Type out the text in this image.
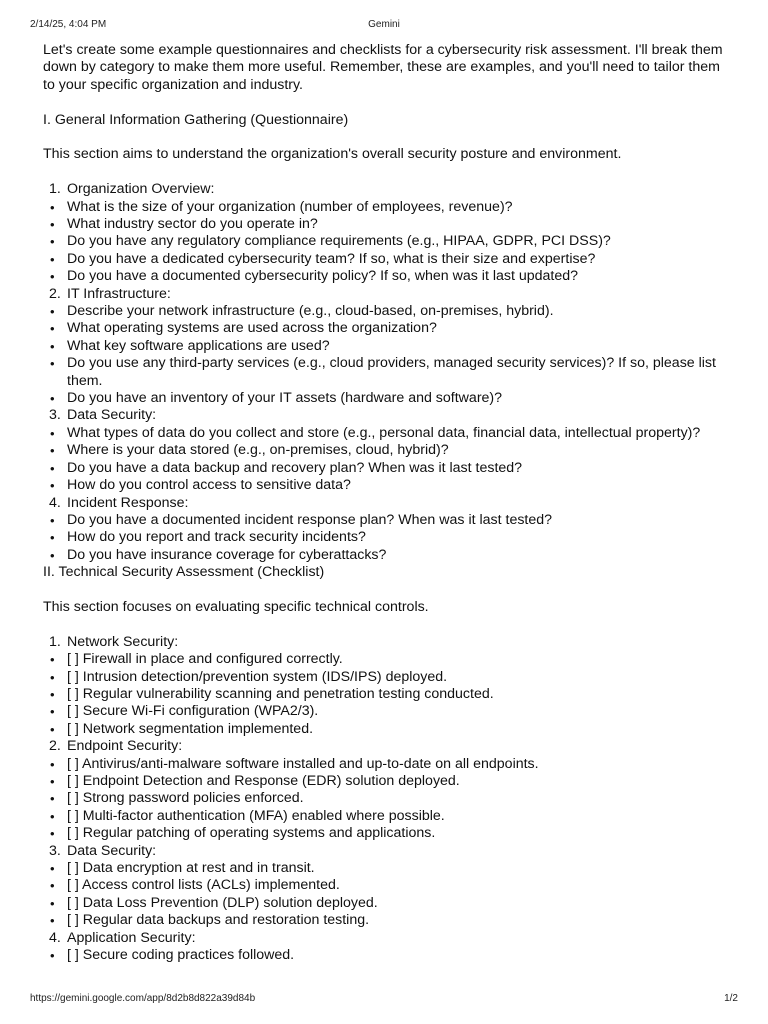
2/14/25, 4:04 PM	Gemini

Let's create some example questionnaires and checklists for a cybersecurity risk assessment. I'll break them down by category to make them more useful. Remember, these are examples, and you'll need to tailor them to your specific organization and industry.

I. General Information Gathering (Questionnaire)

This section aims to understand the organization's overall security posture and environment.

1. Organization Overview:
• What is the size of your organization (number of employees, revenue)?
• What industry sector do you operate in?
• Do you have any regulatory compliance requirements (e.g., HIPAA, GDPR, PCI DSS)?
• Do you have a dedicated cybersecurity team? If so, what is their size and expertise?
• Do you have a documented cybersecurity policy? If so, when was it last updated?
2. IT Infrastructure:
• Describe your network infrastructure (e.g., cloud-based, on-premises, hybrid).
• What operating systems are used across the organization?
• What key software applications are used?
• Do you use any third-party services (e.g., cloud providers, managed security services)? If so, please list them.
• Do you have an inventory of your IT assets (hardware and software)?
3. Data Security:
• What types of data do you collect and store (e.g., personal data, financial data, intellectual property)?
• Where is your data stored (e.g., on-premises, cloud, hybrid)?
• Do you have a data backup and recovery plan? When was it last tested?
• How do you control access to sensitive data?
4. Incident Response:
• Do you have a documented incident response plan? When was it last tested?
• How do you report and track security incidents?
• Do you have insurance coverage for cyberattacks?

II. Technical Security Assessment (Checklist)

This section focuses on evaluating specific technical controls.

1. Network Security:
• [ ] Firewall in place and configured correctly.
• [ ] Intrusion detection/prevention system (IDS/IPS) deployed.
• [ ] Regular vulnerability scanning and penetration testing conducted.
• [ ] Secure Wi-Fi configuration (WPA2/3).
• [ ] Network segmentation implemented.
2. Endpoint Security:
• [ ] Antivirus/anti-malware software installed and up-to-date on all endpoints.
• [ ] Endpoint Detection and Response (EDR) solution deployed.
• [ ] Strong password policies enforced.
• [ ] Multi-factor authentication (MFA) enabled where possible.
• [ ] Regular patching of operating systems and applications.
3. Data Security:
• [ ] Data encryption at rest and in transit.
• [ ] Access control lists (ACLs) implemented.
• [ ] Data Loss Prevention (DLP) solution deployed.
• [ ] Regular data backups and restoration testing.
4. Application Security:
• [ ] Secure coding practices followed.
https://gemini.google.com/app/8d2b8d822a39d84b	1/2
